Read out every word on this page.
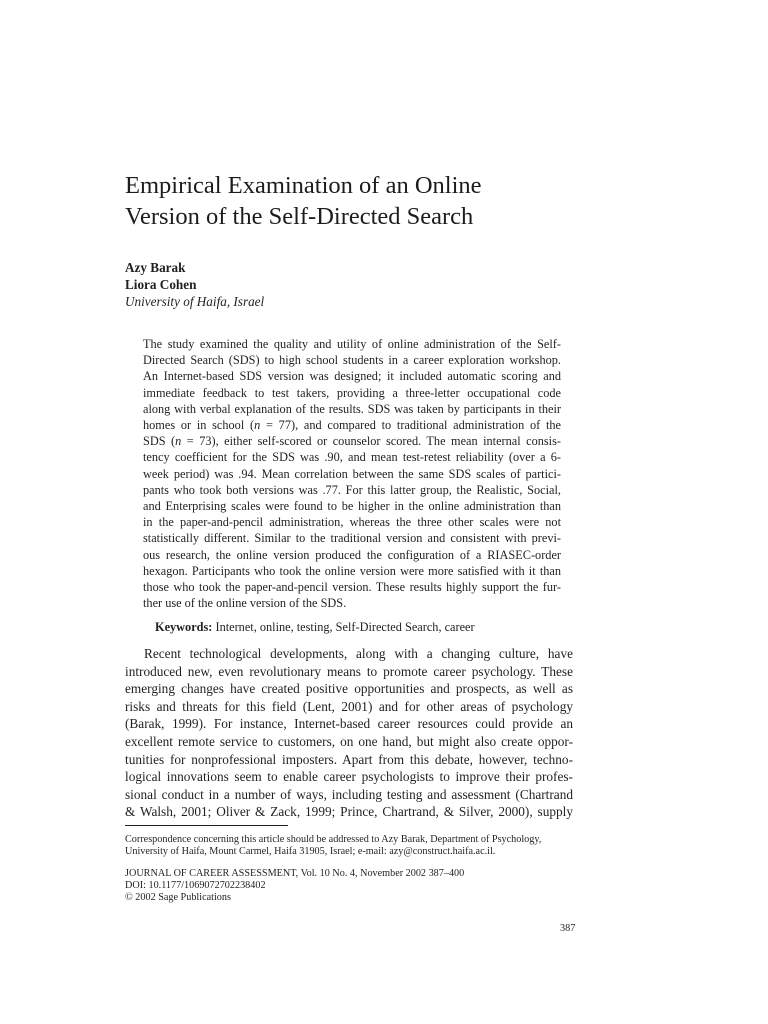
Empirical Examination of an Online
Version of the Self-Directed Search
Azy Barak
Liora Cohen
University of Haifa, Israel
The study examined the quality and utility of online administration of the Self-
Directed Search (SDS) to high school students in a career exploration workshop.
An Internet-based SDS version was designed; it included automatic scoring and
immediate feedback to test takers, providing a three-letter occupational code
along with verbal explanation of the results. SDS was taken by participants in their
homes or in school (n = 77), and compared to traditional administration of the
SDS (n = 73), either self-scored or counselor scored. The mean internal consis-
tency coefficient for the SDS was .90, and mean test-retest reliability (over a 6-
week period) was .94. Mean correlation between the same SDS scales of partici-
pants who took both versions was .77. For this latter group, the Realistic, Social,
and Enterprising scales were found to be higher in the online administration than
in the paper-and-pencil administration, whereas the three other scales were not
statistically different. Similar to the traditional version and consistent with previ-
ous research, the online version produced the configuration of a RIASEC-order
hexagon. Participants who took the online version were more satisfied with it than
those who took the paper-and-pencil version. These results highly support the fur-
ther use of the online version of the SDS.
Keywords: Internet, online, testing, Self-Directed Search, career
Recent technological developments, along with a changing culture, have
introduced new, even revolutionary means to promote career psychology. These
emerging changes have created positive opportunities and prospects, as well as
risks and threats for this field (Lent, 2001) and for other areas of psychology
(Barak, 1999). For instance, Internet-based career resources could provide an
excellent remote service to customers, on one hand, but might also create oppor-
tunities for nonprofessional imposters. Apart from this debate, however, techno-
logical innovations seem to enable career psychologists to improve their profes-
sional conduct in a number of ways, including testing and assessment (Chartrand
& Walsh, 2001; Oliver & Zack, 1999; Prince, Chartrand, & Silver, 2000), supply
Correspondence concerning this article should be addressed to Azy Barak, Department of Psychology,
University of Haifa, Mount Carmel, Haifa 31905, Israel; e-mail: azy@construct.haifa.ac.il.
JOURNAL OF CAREER ASSESSMENT, Vol. 10 No. 4, November 2002 387–400
DOI: 10.1177/1069072702238402
© 2002 Sage Publications
387
